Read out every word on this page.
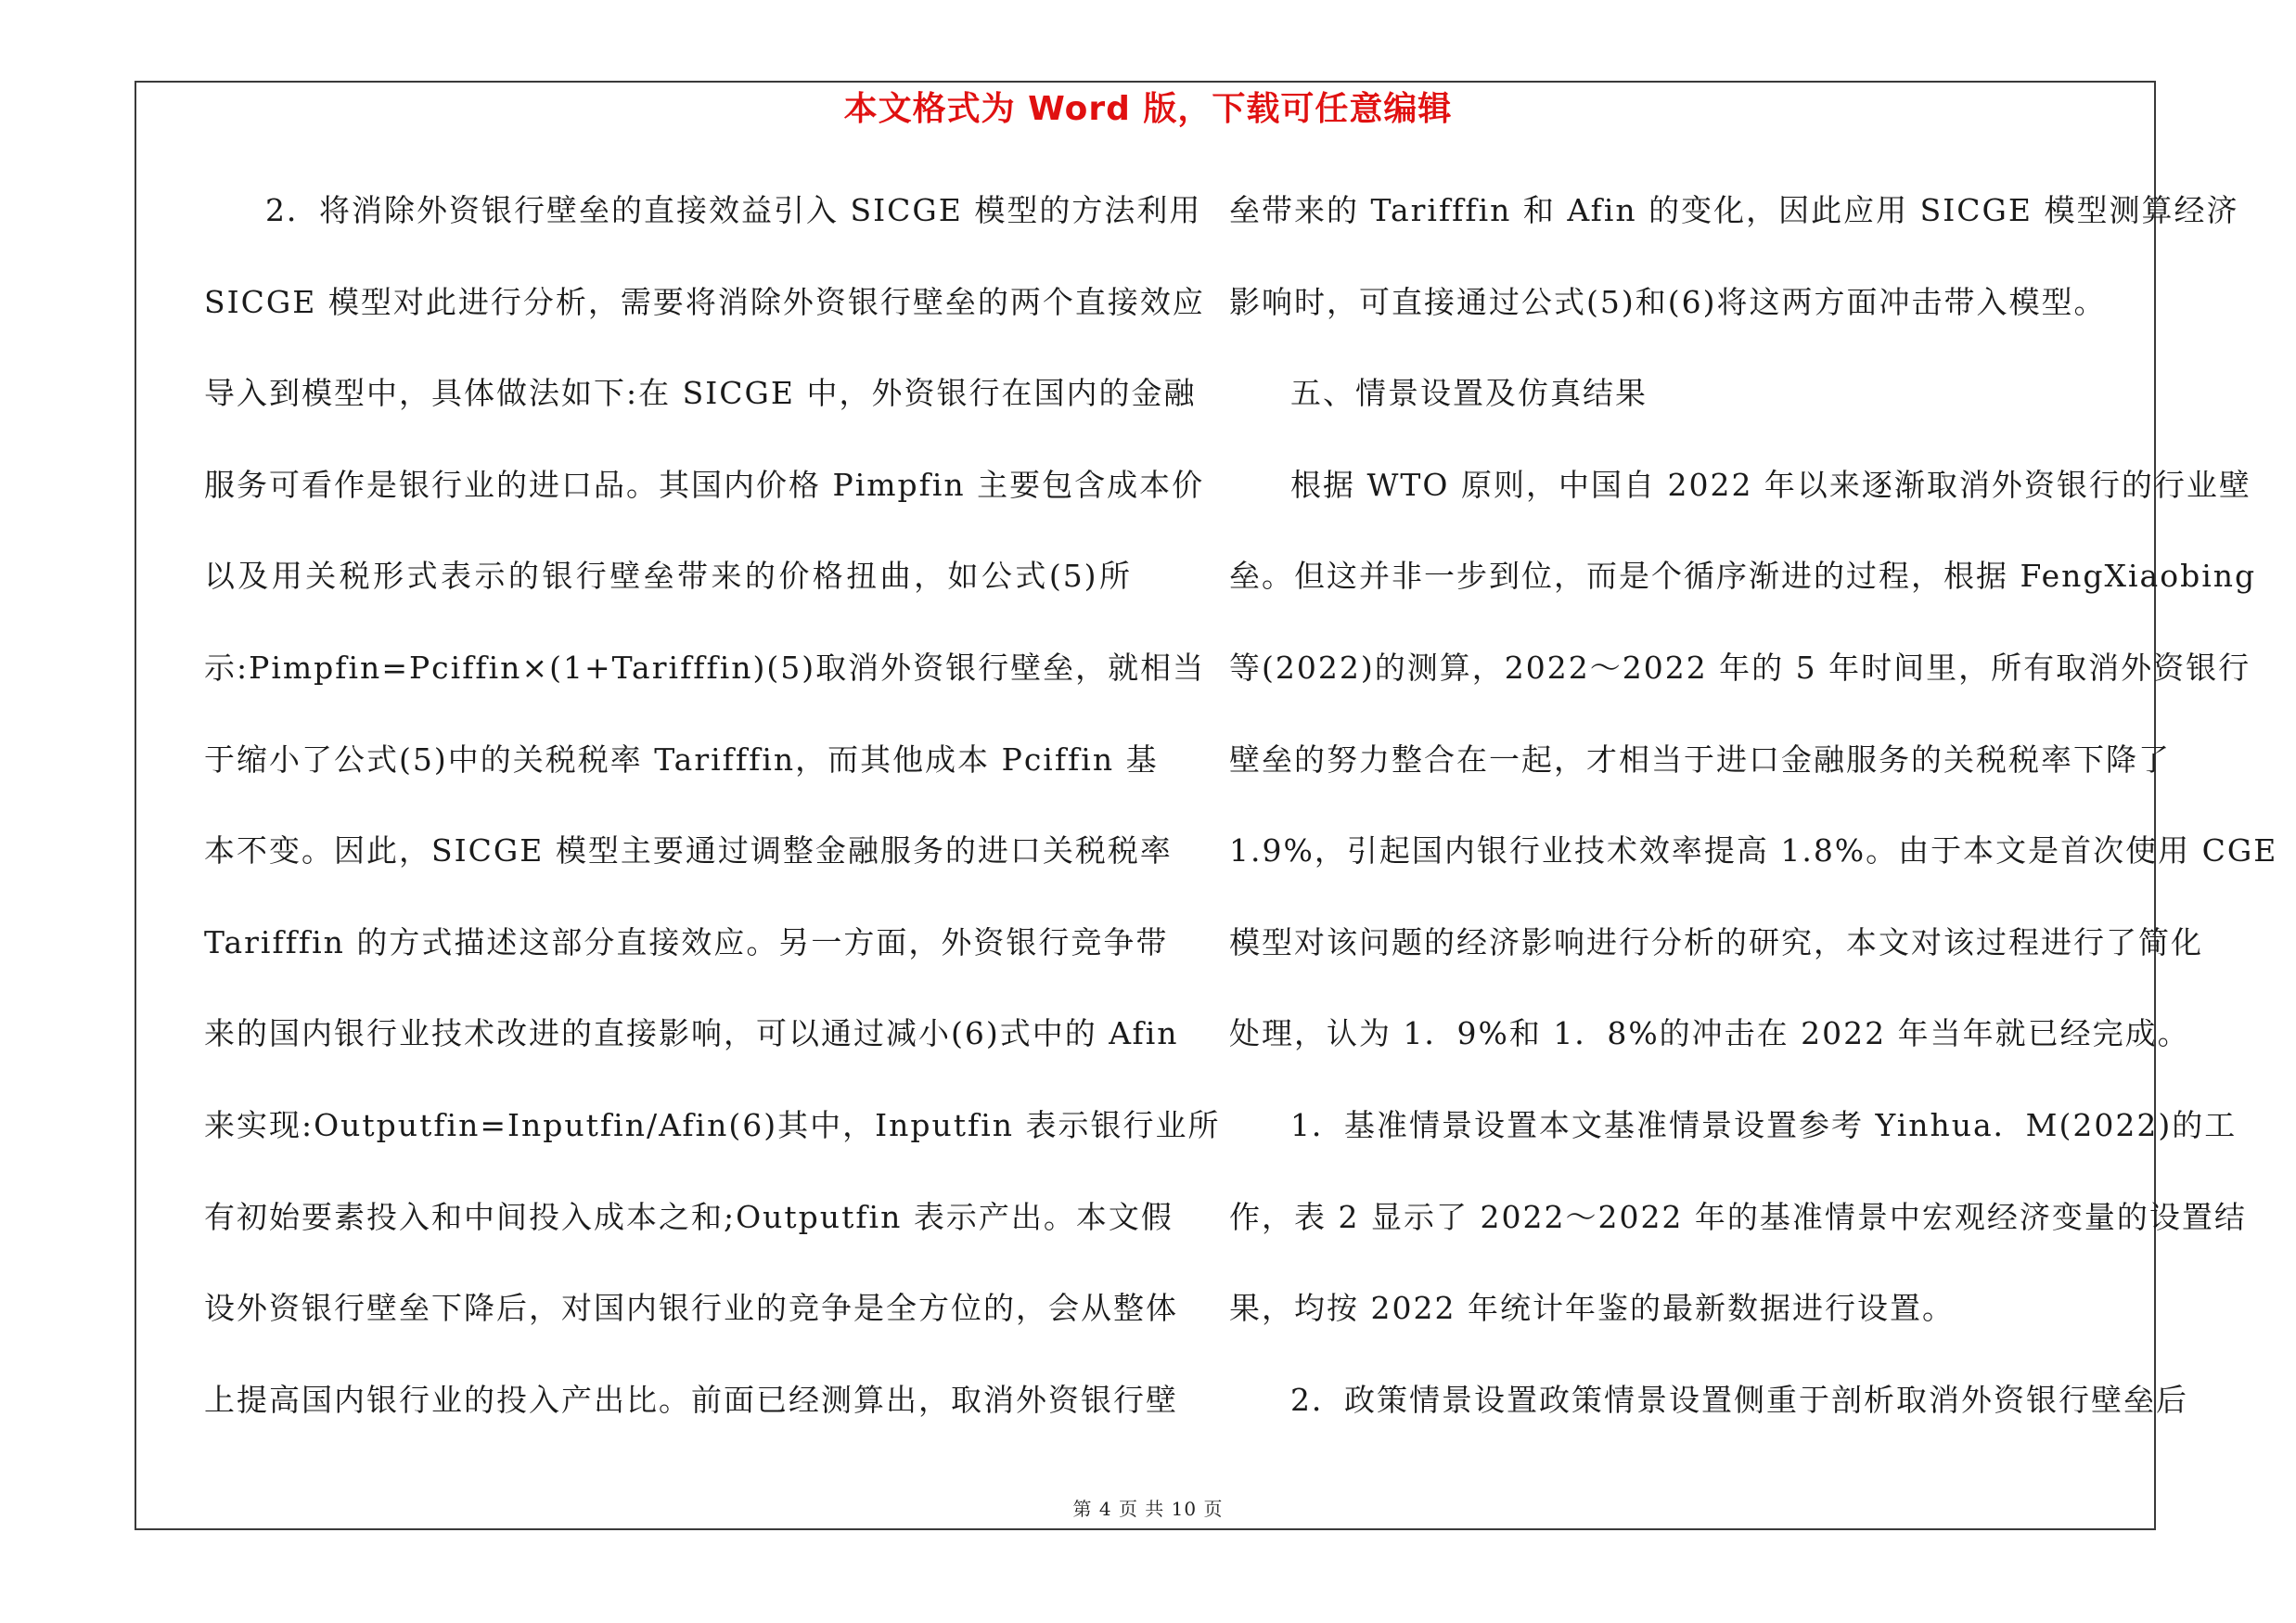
本文格式为 Word 版，下载可任意编辑
2．将消除外资银行壁垒的直接效益引入 SICGE 模型的方法利用
SICGE 模型对此进行分析，需要将消除外资银行壁垒的两个直接效应
导入到模型中，具体做法如下:在 SICGE 中，外资银行在国内的金融
服务可看作是银行业的进口品。其国内价格 Pimpfin 主要包含成本价
以及用关税形式表示的银行壁垒带来的价格扭曲，如公式(5)所
示:Pimpfin=Pciffin×(1+Tarifffin)(5)取消外资银行壁垒，就相当
于缩小了公式(5)中的关税税率 Tarifffin，而其他成本 Pciffin 基
本不变。因此，SICGE 模型主要通过调整金融服务的进口关税税率
Tarifffin 的方式描述这部分直接效应。另一方面，外资银行竞争带
来的国内银行业技术改进的直接影响，可以通过减小(6)式中的 Afin
来实现:Outputfin=Inputfin/Afin(6)其中，Inputfin 表示银行业所
有初始要素投入和中间投入成本之和;Outputfin 表示产出。本文假
设外资银行壁垒下降后，对国内银行业的竞争是全方位的，会从整体
上提高国内银行业的投入产出比。前面已经测算出，取消外资银行壁
垒带来的 Tarifffin 和 Afin 的变化，因此应用 SICGE 模型测算经济
影响时，可直接通过公式(5)和(6)将这两方面冲击带入模型。
五、情景设置及仿真结果
根据 WTO 原则，中国自 2022 年以来逐渐取消外资银行的行业壁
垒。但这并非一步到位，而是个循序渐进的过程，根据 FengXiaobing
等(2022)的测算，2022～2022 年的 5 年时间里，所有取消外资银行
壁垒的努力整合在一起，才相当于进口金融服务的关税税率下降了
1.9%，引起国内银行业技术效率提高 1.8%。由于本文是首次使用 CGE
模型对该问题的经济影响进行分析的研究，本文对该过程进行了简化
处理，认为 1．9%和 1．8%的冲击在 2022 年当年就已经完成。
1．基准情景设置本文基准情景设置参考 Yinhua．M(2022)的工
作，表 2 显示了 2022～2022 年的基准情景中宏观经济变量的设置结
果，均按 2022 年统计年鉴的最新数据进行设置。
2．政策情景设置政策情景设置侧重于剖析取消外资银行壁垒后
第 4 页 共 10 页
